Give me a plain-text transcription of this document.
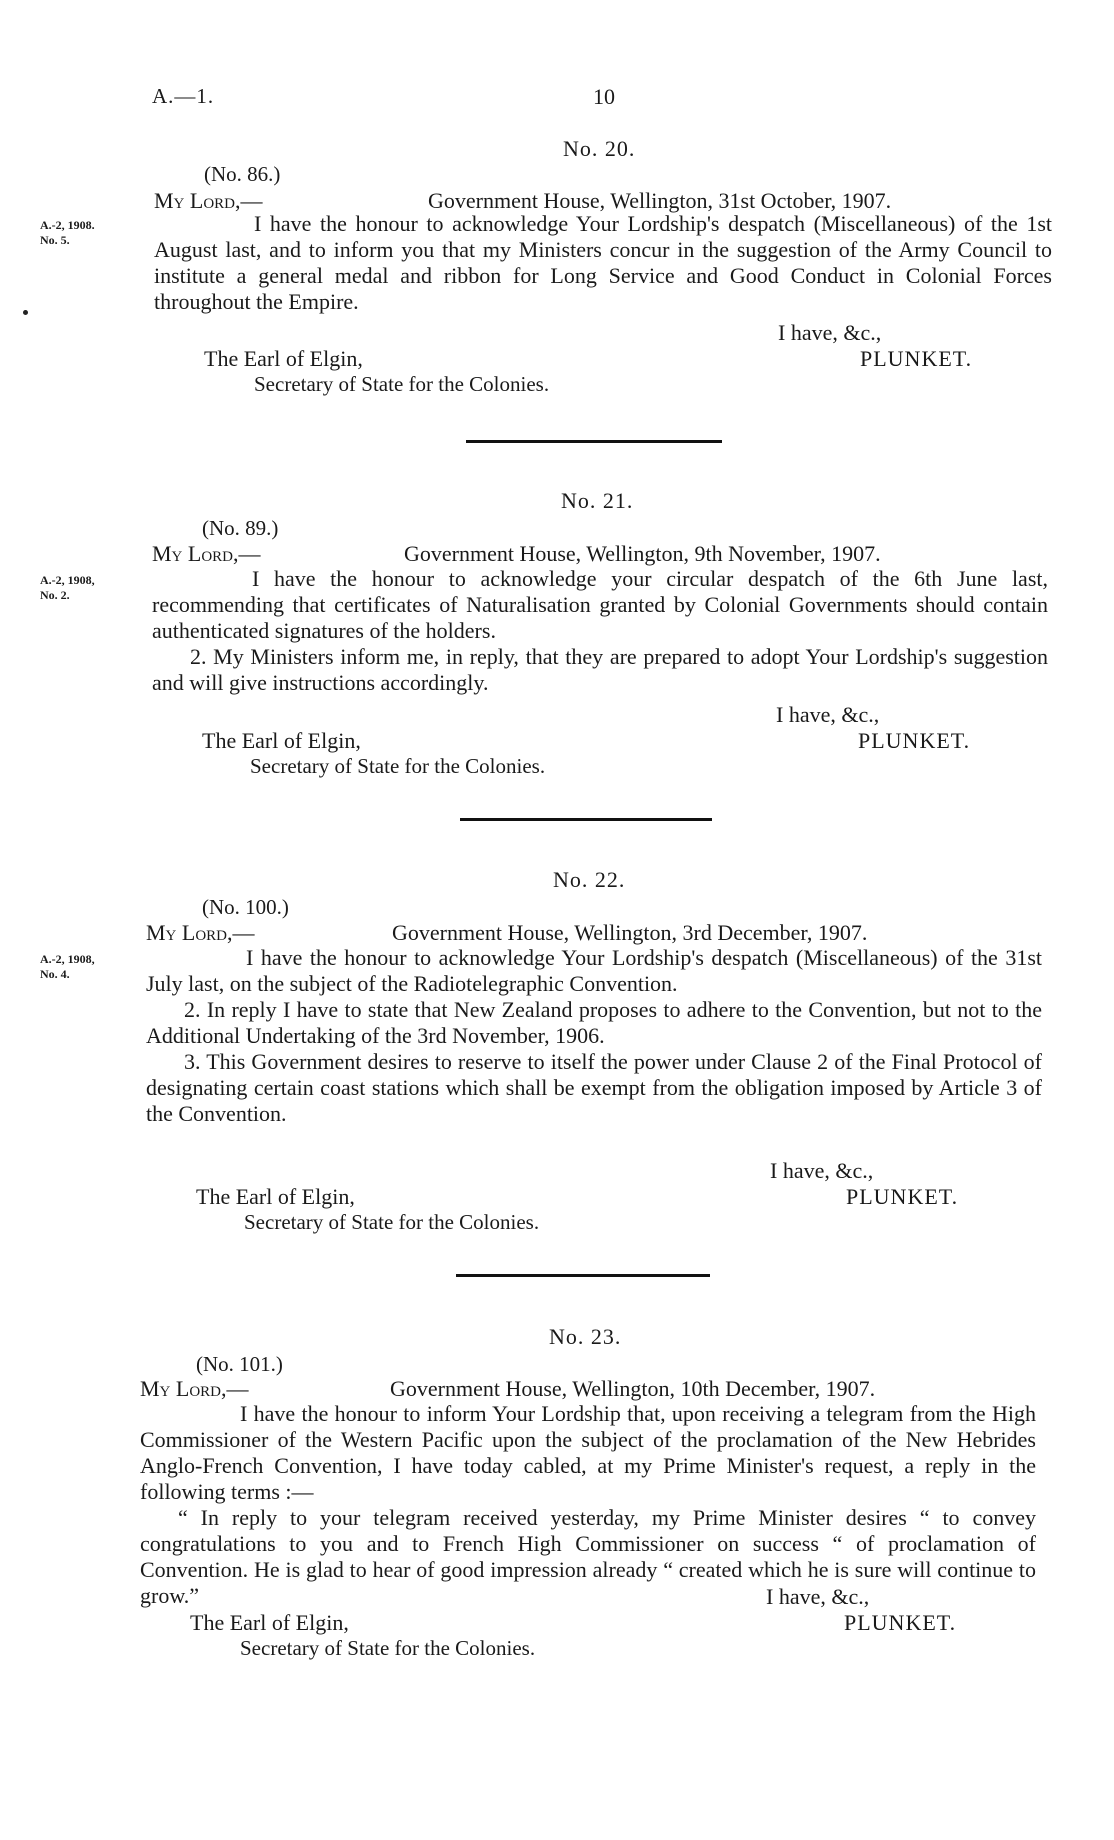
A.—1.	10
No. 20.
(No. 86.)
My Lord,—	Government House, Wellington, 31st October, 1907.
A.-2, 1908.
No. 5.

I have the honour to acknowledge Your Lordship's despatch (Miscellaneous) of the 1st August last, and to inform you that my Ministers concur in the suggestion of the Army Council to institute a general medal and ribbon for Long Service and Good Conduct in Colonial Forces throughout the Empire.

I have, &c.,
PLUNKET.
The Earl of Elgin,
Secretary of State for the Colonies.
No. 21.
(No. 89.)
My Lord,—	Government House, Wellington, 9th November, 1907.
A.-2, 1908,
No. 2.

I have the honour to acknowledge your circular despatch of the 6th June last, recommending that certificates of Naturalisation granted by Colonial Governments should contain authenticated signatures of the holders.

2. My Ministers inform me, in reply, that they are prepared to adopt Your Lordship's suggestion and will give instructions accordingly.

I have, &c.,
PLUNKET.
The Earl of Elgin,
Secretary of State for the Colonies.
No. 22.
(No. 100.)
My Lord,—	Government House, Wellington, 3rd December, 1907.
A.-2, 1908,
No. 4.

I have the honour to acknowledge Your Lordship's despatch (Miscellaneous) of the 31st July last, on the subject of the Radiotelegraphic Convention.

2. In reply I have to state that New Zealand proposes to adhere to the Convention, but not to the Additional Undertaking of the 3rd November, 1906.

3. This Government desires to reserve to itself the power under Clause 2 of the Final Protocol of designating certain coast stations which shall be exempt from the obligation imposed by Article 3 of the Convention.

I have, &c.,
PLUNKET.
The Earl of Elgin,
Secretary of State for the Colonies.
No. 23.
(No. 101.)
My Lord,—	Government House, Wellington, 10th December, 1907.

I have the honour to inform Your Lordship that, upon receiving a telegram from the High Commissioner of the Western Pacific upon the subject of the proclamation of the New Hebrides Anglo-French Convention, I have today cabled, at my Prime Minister's request, a reply in the following terms :—

“ In reply to your telegram received yesterday, my Prime Minister desires “ to convey congratulations to you and to French High Commissioner on success “ of proclamation of Convention. He is glad to hear of good impression already “ created which he is sure will continue to grow.”	I have, &c.,
PLUNKET.
The Earl of Elgin,
Secretary of State for the Colonies.
